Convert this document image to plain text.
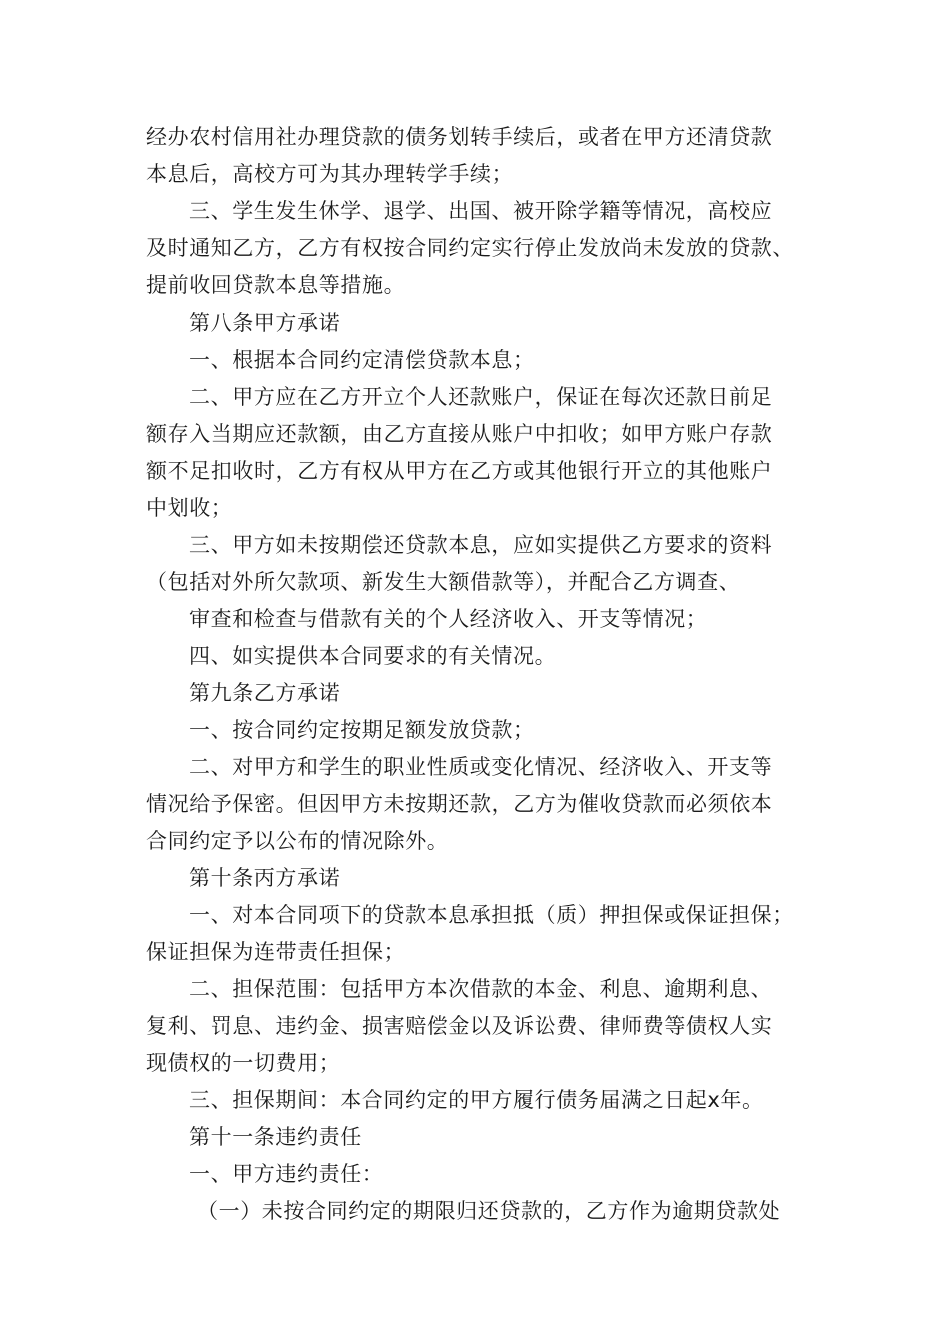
经办农村信用社办理贷款的债务划转手续后，或者在甲方还清贷款
本息后，高校方可为其办理转学手续；
三、学生发生休学、退学、出国、被开除学籍等情况，高校应
及时通知乙方，乙方有权按合同约定实行停止发放尚未发放的贷款、
提前收回贷款本息等措施。
第八条甲方承诺
一、根据本合同约定清偿贷款本息；
二、甲方应在乙方开立个人还款账户，保证在每次还款日前足
额存入当期应还款额，由乙方直接从账户中扣收；如甲方账户存款
额不足扣收时，乙方有权从甲方在乙方或其他银行开立的其他账户
中划收；
三、甲方如未按期偿还贷款本息，应如实提供乙方要求的资料
（包括对外所欠款项、新发生大额借款等），并配合乙方调查、
审查和检查与借款有关的个人经济收入、开支等情况；
四、如实提供本合同要求的有关情况。
第九条乙方承诺
一、按合同约定按期足额发放贷款；
二、对甲方和学生的职业性质或变化情况、经济收入、开支等
情况给予保密。但因甲方未按期还款，乙方为催收贷款而必须依本
合同约定予以公布的情况除外。
第十条丙方承诺
一、对本合同项下的贷款本息承担抵（质）押担保或保证担保；
保证担保为连带责任担保；
二、担保范围：包括甲方本次借款的本金、利息、逾期利息、
复利、罚息、违约金、损害赔偿金以及诉讼费、律师费等债权人实
现债权的一切费用；
三、担保期间：本合同约定的甲方履行债务届满之日起x年。
第十一条违约责任
一、甲方违约责任：
（一）未按合同约定的期限归还贷款的，乙方作为逾期贷款处
